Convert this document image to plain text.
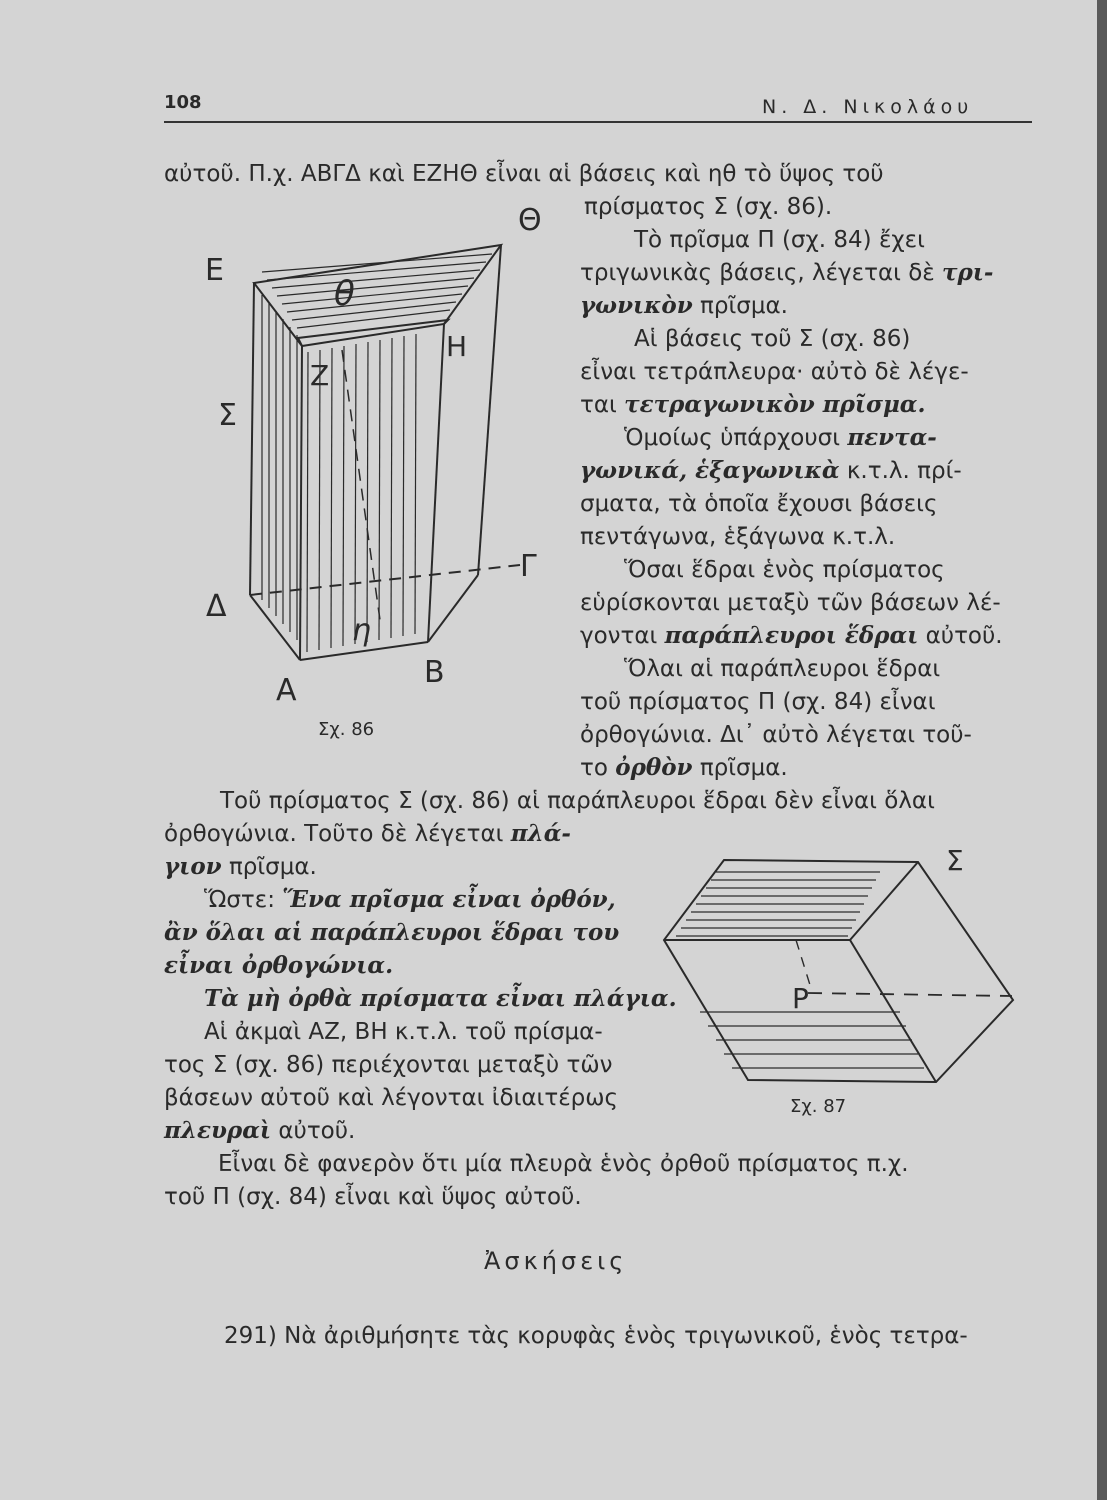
108	Ν. Δ. Νικολάου
αὐτοῦ. Π.χ. ΑΒΓΔ καὶ ΕΖΗΘ εἶναι αἱ βάσεις καὶ ηθ τὸ ὕψος τοῦ
πρίσματος Σ (σχ. 86).
Τὸ πρῖσμα Π (σχ. 84) ἔχει
τριγωνικὰς βάσεις, λέγεται δὲ τρι-
γωνικὸν πρῖσμα.
Αἱ βάσεις τοῦ Σ (σχ. 86)
εἶναι τετράπλευρα· αὐτὸ δὲ λέγε-
ται τετραγωνικὸν πρῖσμα.
Ὁμοίως ὑπάρχουσι πεντα-
γωνικά, ἑξαγωνικὰ κ.τ.λ. πρί-
σματα, τὰ ὁποῖα ἔχουσι βάσεις
πεντάγωνα, ἑξάγωνα κ.τ.λ.
Ὅσαι ἕδραι ἑνὸς πρίσματος
εὑρίσκονται μεταξὺ τῶν βάσεων λέ-
γονται παράπλευροι ἕδραι αὐτοῦ.
Ὅλαι αἱ παράπλευροι ἕδραι
τοῦ πρίσματος Π (σχ. 84) εἶναι
ὀρθογώνια. Δι᾽ αὐτὸ λέγεται τοῦ-
το ὀρθὸν πρῖσμα.
Τοῦ πρίσματος Σ (σχ. 86) αἱ παράπλευροι ἕδραι δὲν εἶναι ὅλαι
ὀρθογώνια. Τοῦτο δὲ λέγεται πλά-
γιον πρῖσμα.
Ὥστε: Ἕνα πρῖσμα εἶναι ὀρθόν,
ἂν ὅλαι αἱ παράπλευροι ἕδραι του
εἶναι ὀρθογώνια.
Τὰ μὴ ὀρθὰ πρίσματα εἶναι πλάγια.
Αἱ ἀκμαὶ ΑΖ, ΒΗ κ.τ.λ. τοῦ πρίσμα-
τος Σ (σχ. 86) περιέχονται μεταξὺ τῶν
βάσεων αὐτοῦ καὶ λέγονται ἰδιαιτέρως
πλευραὶ αὐτοῦ.
Εἶναι δὲ φανερὸν ὅτι μία πλευρὰ ἑνὸς ὀρθοῦ πρίσματος π.χ.
τοῦ Π (σχ. 84) εἶναι καὶ ὕψος αὐτοῦ.
Ἀσκήσεις
291) Νὰ ἀριθμήσητε τὰς κορυφὰς ἑνὸς τριγωνικοῦ, ἑνὸς τετρα-
Ε
Σ
Δ
Α
Β
Γ
Θ
θ
Ζ
Η
η
Σχ. 86
Σ
Ρ
Σχ. 87
